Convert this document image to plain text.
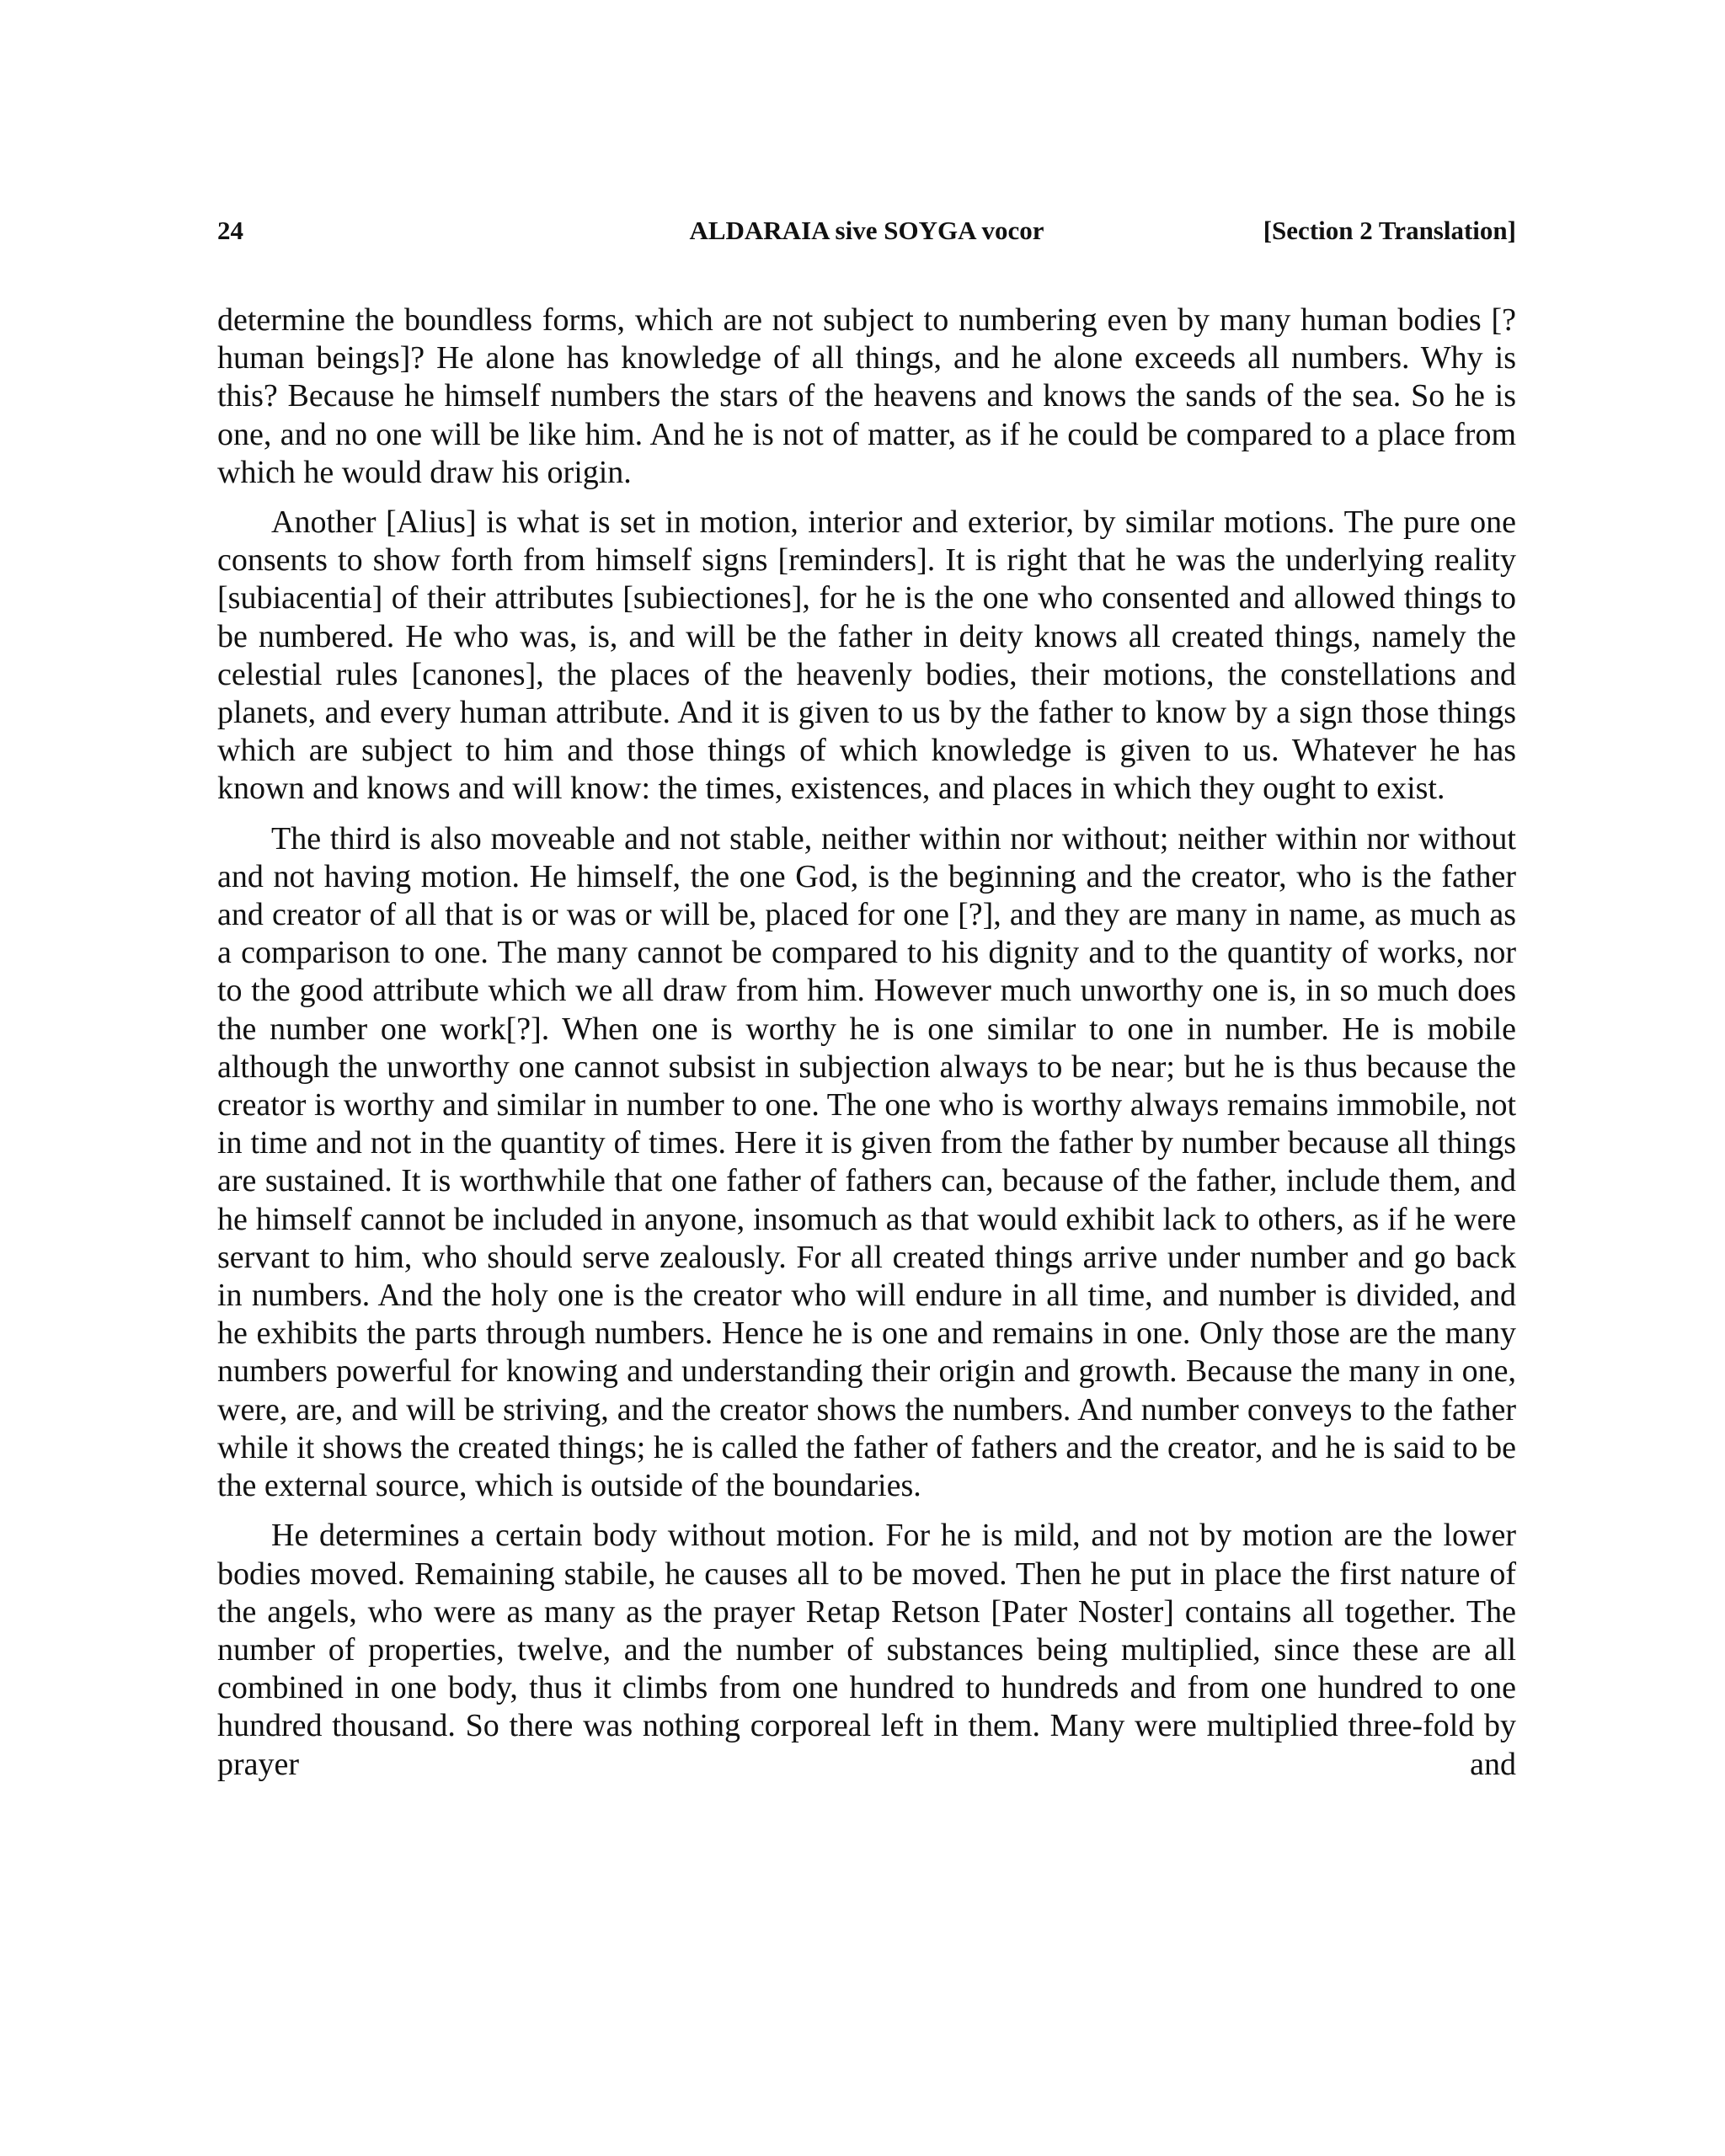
24	ALDARAIA sive SOYGA vocor	[Section 2 Translation]

determine the boundless forms, which are not subject to numbering even by many human bodies [?human beings]? He alone has knowledge of all things, and he alone exceeds all numbers. Why is this? Because he himself numbers the stars of the heavens and knows the sands of the sea. So he is one, and no one will be like him. And he is not of matter, as if he could be compared to a place from which he would draw his origin.

Another [Alius] is what is set in motion, interior and exterior, by similar motions. The pure one consents to show forth from himself signs [reminders]. It is right that he was the underlying reality [subiacentia] of their attributes [subiectiones], for he is the one who consented and allowed things to be numbered. He who was, is, and will be the father in deity knows all created things, namely the celestial rules [canones], the places of the heavenly bodies, their motions, the constellations and planets, and every human attribute. And it is given to us by the father to know by a sign those things which are subject to him and those things of which knowledge is given to us. Whatever he has known and knows and will know: the times, existences, and places in which they ought to exist.

The third is also moveable and not stable, neither within nor without; neither within nor without and not having motion. He himself, the one God, is the beginning and the creator, who is the father and creator of all that is or was or will be, placed for one [?], and they are many in name, as much as a comparison to one. The many cannot be compared to his dignity and to the quantity of works, nor to the good attribute which we all draw from him. However much unworthy one is, in so much does the number one work[?]. When one is worthy he is one similar to one in number. He is mobile although the unworthy one cannot subsist in subjection always to be near; but he is thus because the creator is worthy and similar in number to one. The one who is worthy always remains immobile, not in time and not in the quantity of times. Here it is given from the father by number because all things are sustained. It is worthwhile that one father of fathers can, because of the father, include them, and he himself cannot be included in anyone, insomuch as that would exhibit lack to others, as if he were servant to him, who should serve zealously. For all created things arrive under number and go back in numbers. And the holy one is the creator who will endure in all time, and number is divided, and he exhibits the parts through numbers. Hence he is one and remains in one. Only those are the many numbers powerful for knowing and understanding their origin and growth. Because the many in one, were, are, and will be striving, and the creator shows the numbers. And number conveys to the father while it shows the created things; he is called the father of fathers and the creator, and he is said to be the external source, which is outside of the boundaries.

He determines a certain body without motion. For he is mild, and not by motion are the lower bodies moved. Remaining stabile, he causes all to be moved. Then he put in place the first nature of the angels, who were as many as the prayer Retap Retson [Pater Noster] contains all together. The number of properties, twelve, and the number of substances being multiplied, since these are all combined in one body, thus it climbs from one hundred to hundreds and from one hundred to one hundred thousand. So there was nothing corporeal left in them. Many were multiplied three-fold by prayer and
